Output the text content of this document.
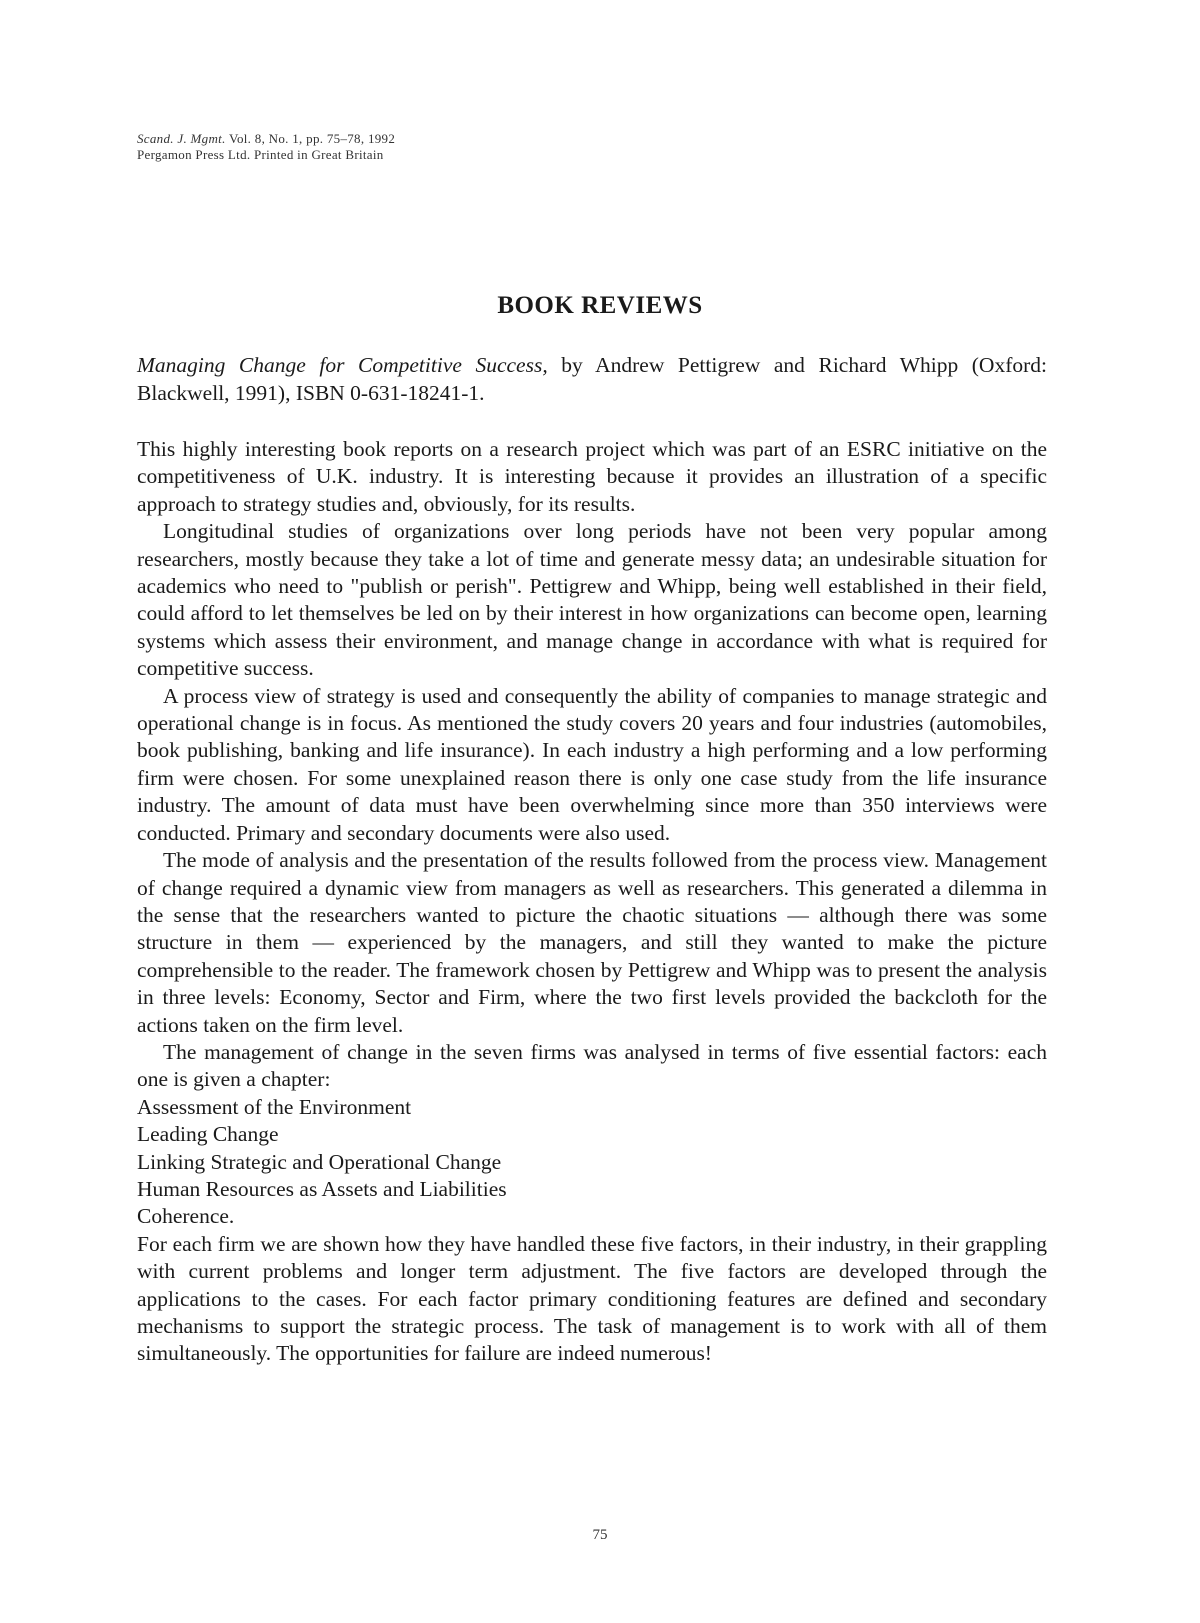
Scand. J. Mgmt. Vol. 8, No. 1, pp. 75–78, 1992
Pergamon Press Ltd. Printed in Great Britain
BOOK REVIEWS
Managing Change for Competitive Success, by Andrew Pettigrew and Richard Whipp (Oxford: Blackwell, 1991), ISBN 0-631-18241-1.

This highly interesting book reports on a research project which was part of an ESRC initiative on the competitiveness of U.K. industry. It is interesting because it provides an illustration of a specific approach to strategy studies and, obviously, for its results.

Longitudinal studies of organizations over long periods have not been very popular among researchers, mostly because they take a lot of time and generate messy data; an undesirable situation for academics who need to "publish or perish". Pettigrew and Whipp, being well established in their field, could afford to let themselves be led on by their interest in how organizations can become open, learning systems which assess their environment, and manage change in accordance with what is required for competitive success.

A process view of strategy is used and consequently the ability of companies to manage strategic and operational change is in focus. As mentioned the study covers 20 years and four industries (automobiles, book publishing, banking and life insurance). In each industry a high performing and a low performing firm were chosen. For some unexplained reason there is only one case study from the life insurance industry. The amount of data must have been overwhelming since more than 350 interviews were conducted. Primary and secondary documents were also used.

The mode of analysis and the presentation of the results followed from the process view. Management of change required a dynamic view from managers as well as researchers. This generated a dilemma in the sense that the researchers wanted to picture the chaotic situations — although there was some structure in them — experienced by the managers, and still they wanted to make the picture comprehensible to the reader. The framework chosen by Pettigrew and Whipp was to present the analysis in three levels: Economy, Sector and Firm, where the two first levels provided the backcloth for the actions taken on the firm level.

The management of change in the seven firms was analysed in terms of five essential factors: each one is given a chapter:

Assessment of the Environment
Leading Change
Linking Strategic and Operational Change
Human Resources as Assets and Liabilities
Coherence.

For each firm we are shown how they have handled these five factors, in their industry, in their grappling with current problems and longer term adjustment. The five factors are developed through the applications to the cases. For each factor primary conditioning features are defined and secondary mechanisms to support the strategic process. The task of management is to work with all of them simultaneously. The opportunities for failure are indeed numerous!

75
